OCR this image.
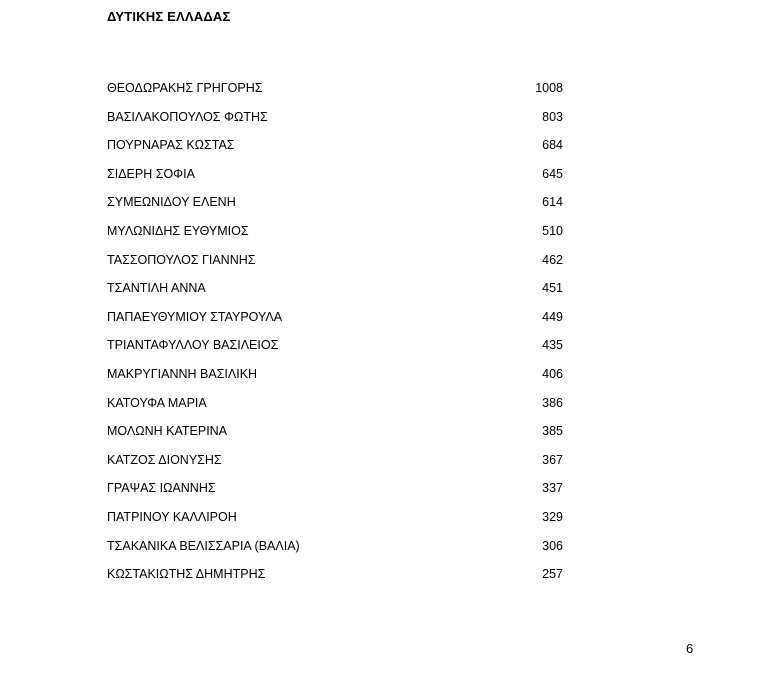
ΔΥΤΙΚΗΣ ΕΛΛΑΔΑΣ
ΘΕΟΔΩΡΑΚΗΣ ΓΡΗΓΟΡΗΣ	1008
ΒΑΣΙΛΑΚΟΠΟΥΛΟΣ ΦΩΤΗΣ	803
ΠΟΥΡΝΑΡΑΣ ΚΩΣΤΑΣ	684
ΣΙΔΕΡΗ ΣΟΦΙΑ	645
ΣΥΜΕΩΝΙΔΟΥ ΕΛΕΝΗ	614
ΜΥΛΩΝΙΔΗΣ ΕΥΘΥΜΙΟΣ	510
ΤΑΣΣΟΠΟΥΛΟΣ ΓΙΑΝΝΗΣ	462
ΤΣΑΝΤΙΛΗ ΑΝΝΑ	451
ΠΑΠΑΕΥΘΥΜΙΟΥ ΣΤΑΥΡΟΥΛΑ	449
ΤΡΙΑΝΤΑΦΥΛΛΟΥ ΒΑΣΙΛΕΙΟΣ	435
ΜΑΚΡΥΓΙΑΝΝΗ ΒΑΣΙΛΙΚΗ	406
ΚΑΤΟΥΦΑ ΜΑΡΙΑ	386
ΜΟΛΩΝΗ ΚΑΤΕΡΙΝΑ	385
ΚΑΤΖΟΣ ΔΙΟΝΥΣΗΣ	367
ΓΡΑΨΑΣ ΙΩΑΝΝΗΣ	337
ΠΑΤΡΙΝΟΥ ΚΑΛΛΙΡΟΗ	329
ΤΣΑΚΑΝΙΚΑ ΒΕΛΙΣΣΑΡΙΑ (ΒΑΛΙΑ)	306
ΚΩΣΤΑΚΙΩΤΗΣ ΔΗΜΗΤΡΗΣ	257
6
